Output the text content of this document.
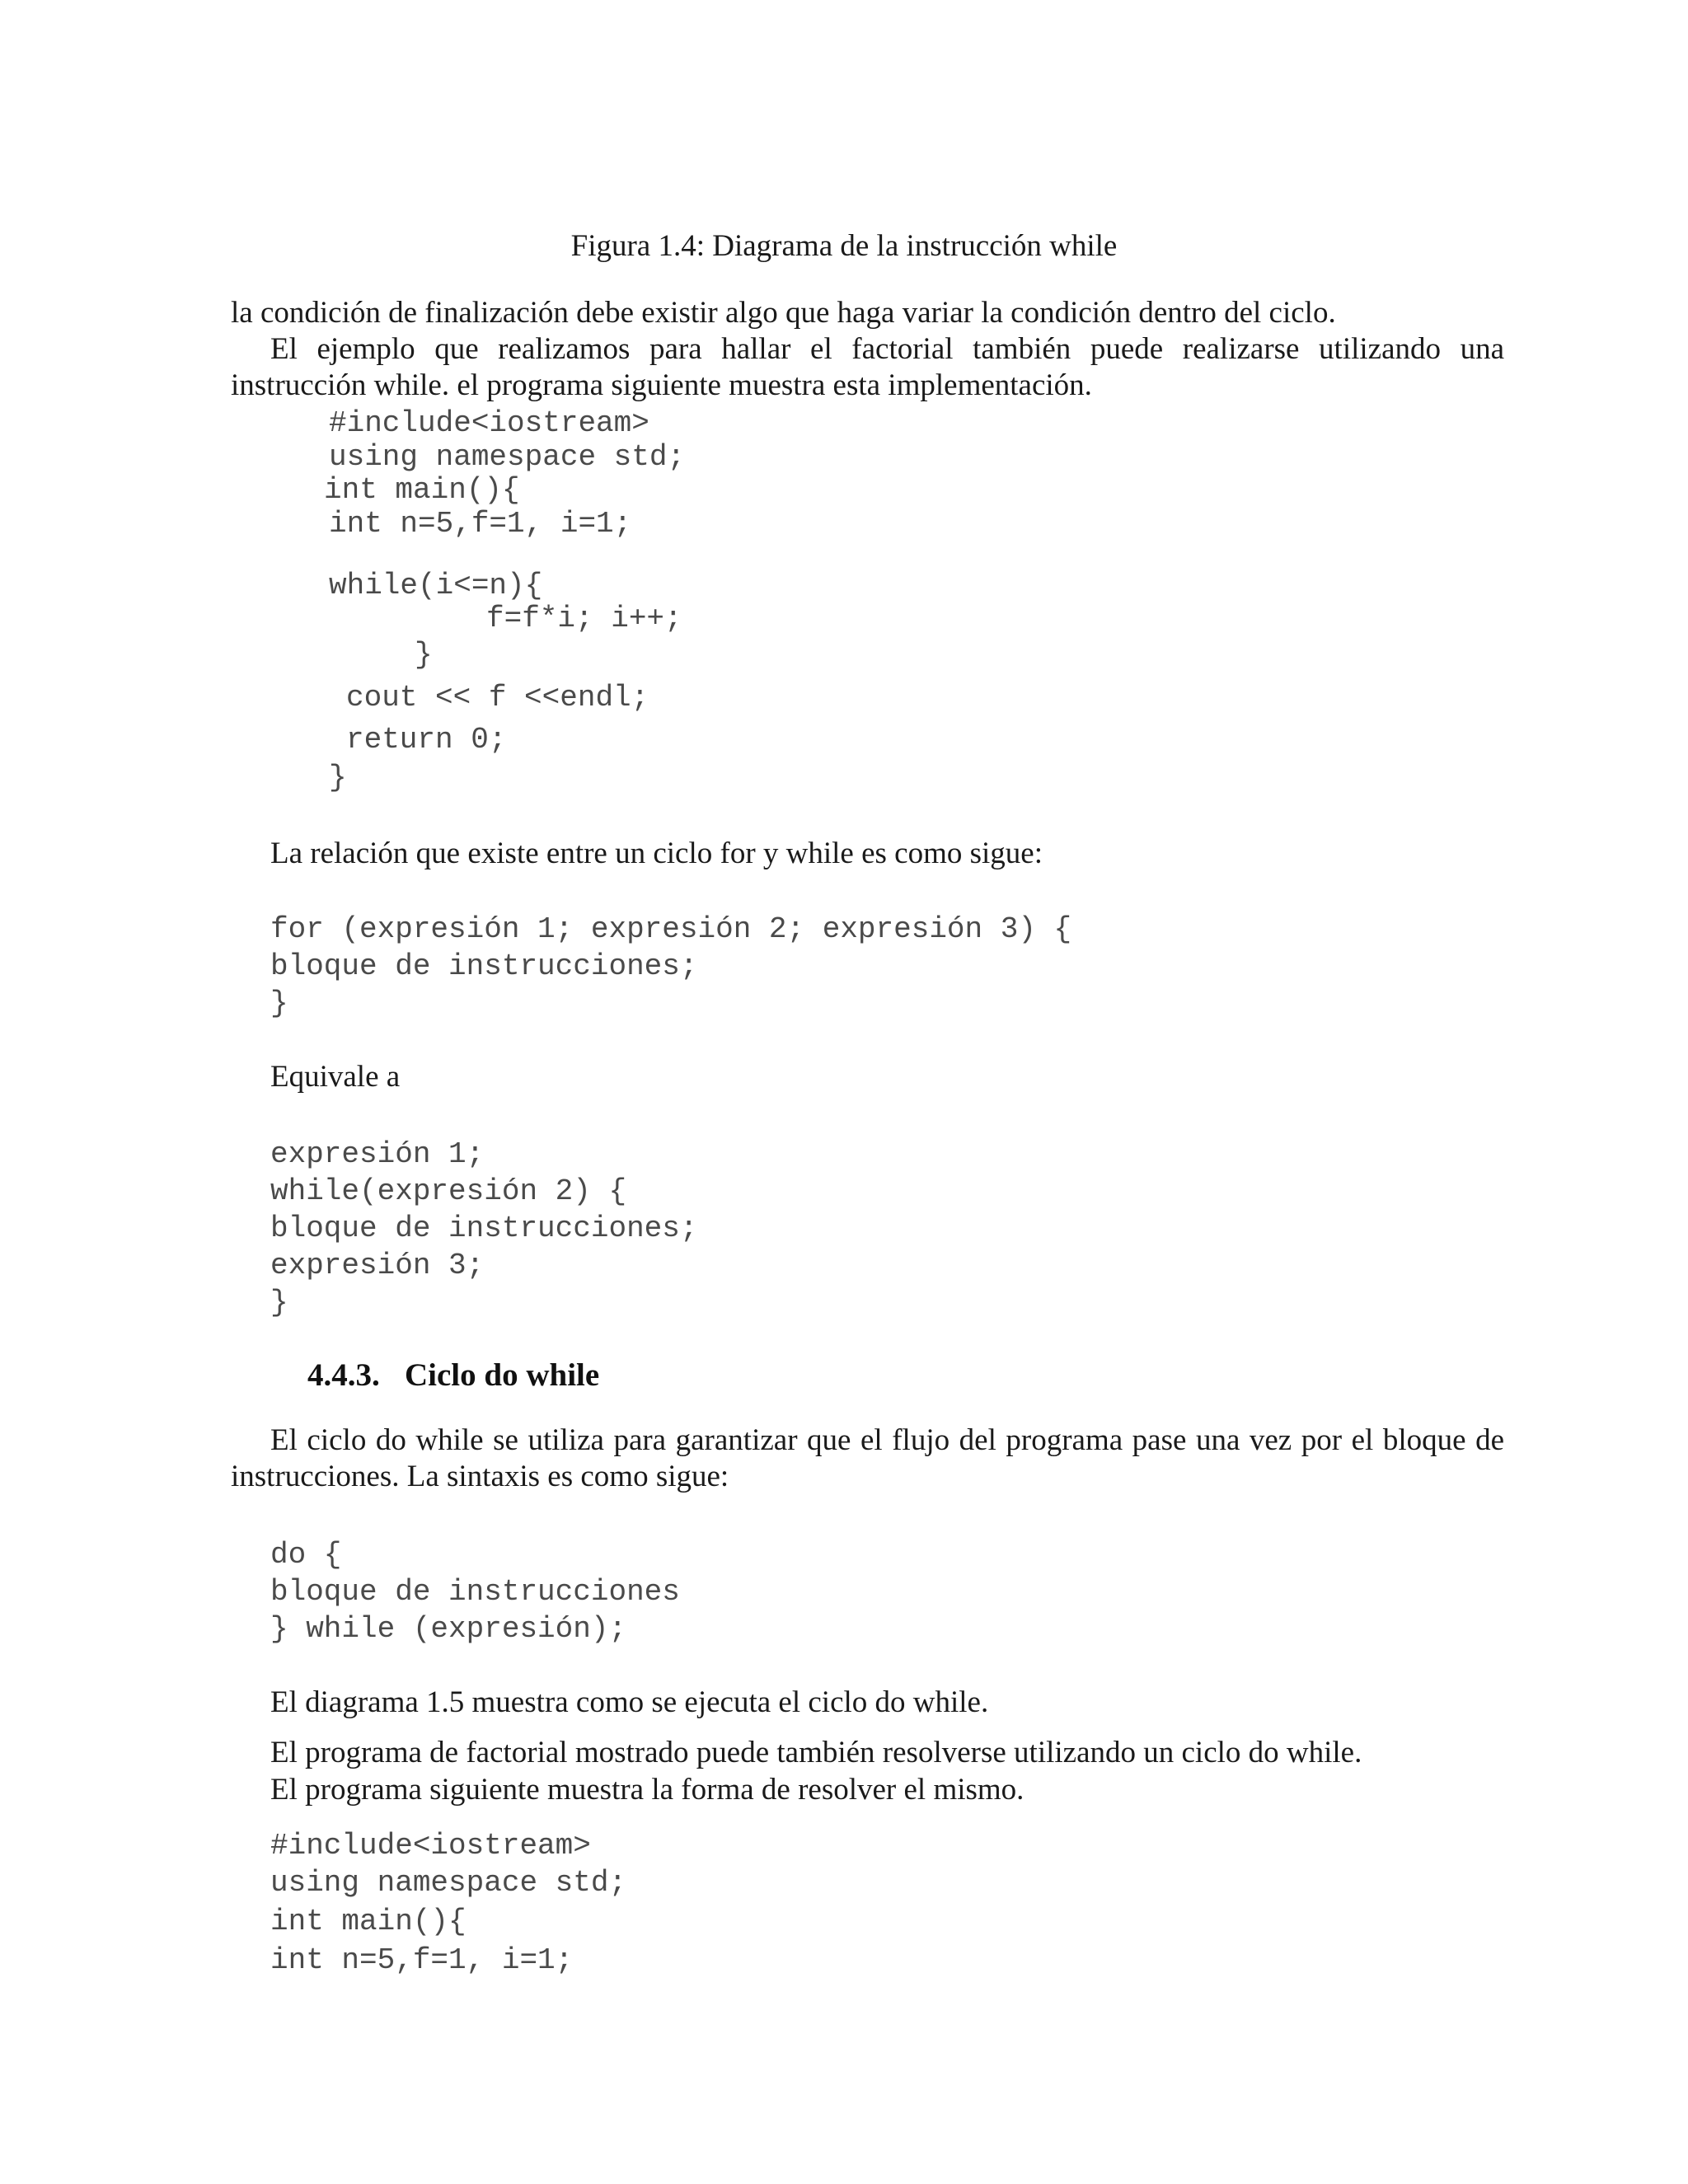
Figura 1.4: Diagrama de la instrucción while
la condición de finalización debe existir algo que haga variar la condición dentro del ciclo.
El ejemplo que realizamos para hallar el factorial también puede realizarse utilizando una instrucción while. el programa siguiente muestra esta implementación.
#include<iostream>
using namespace std;
int main(){
int n=5,f=1, i=1;
while(i<=n){
f=f*i; i++;
}
cout << f <<endl;
return 0;
}
La relación que existe entre un ciclo for y while es como sigue:
for (expresión 1; expresión 2; expresión 3) {
bloque de instrucciones;
}
Equivale a
expresión 1;
while(expresión 2) {
bloque de instrucciones;
expresión 3;
}
4.4.3. Ciclo do while
El ciclo do while se utiliza para garantizar que el flujo del programa pase una vez por el bloque de instrucciones. La sintaxis es como sigue:
do {
bloque de instrucciones
} while (expresión);
El diagrama 1.5 muestra como se ejecuta el ciclo do while.
El programa de factorial mostrado puede también resolverse utilizando un ciclo do while.
El programa siguiente muestra la forma de resolver el mismo.
#include<iostream>
using namespace std;
int main(){
int n=5,f=1, i=1;
